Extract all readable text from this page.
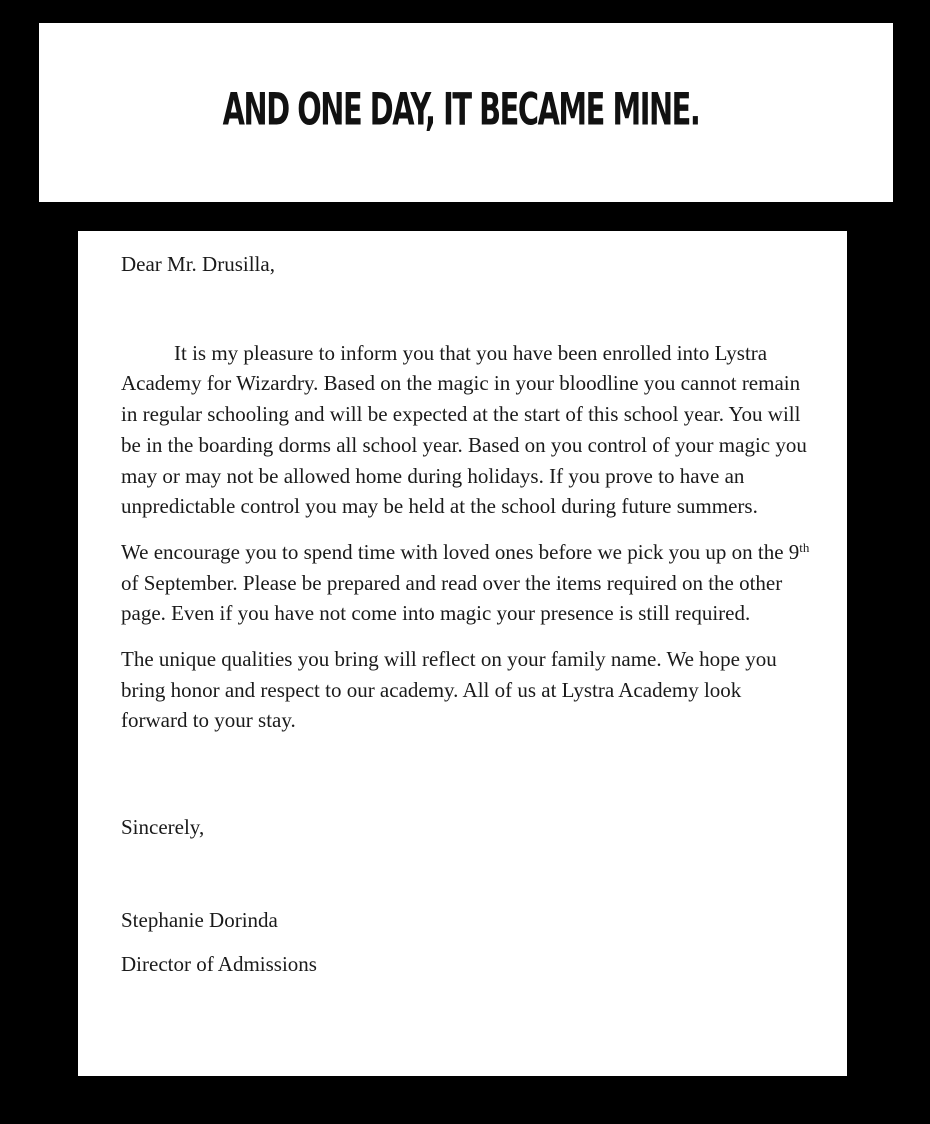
AND ONE DAY, IT BECAME MINE.

Dear Mr. Drusilla,

It is my pleasure to inform you that you have been enrolled into Lystra Academy for Wizardry. Based on the magic in your bloodline you cannot remain in regular schooling and will be expected at the start of this school year. You will be in the boarding dorms all school year. Based on you control of your magic you may or may not be allowed home during holidays. If you prove to have an unpredictable control you may be held at the school during future summers.

We encourage you to spend time with loved ones before we pick you up on the 9th of September. Please be prepared and read over the items required on the other page. Even if you have not come into magic your presence is still required.

The unique qualities you bring will reflect on your family name. We hope you bring honor and respect to our academy. All of us at Lystra Academy look forward to your stay.

Sincerely,

Stephanie Dorinda

Director of Admissions
